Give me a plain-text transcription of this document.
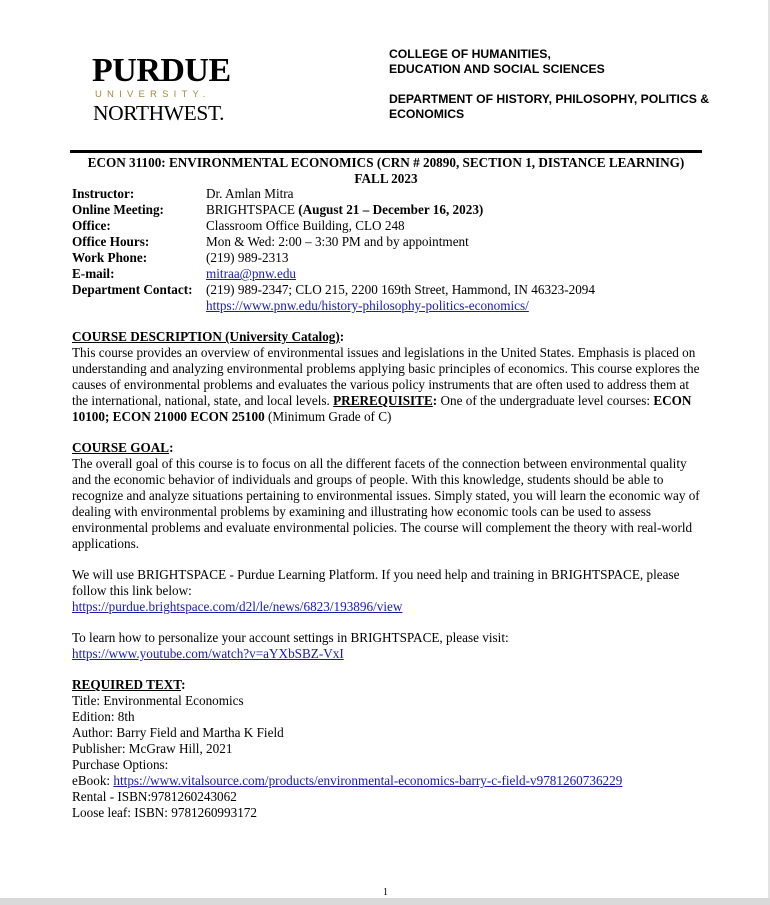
PURDUE
UNIVERSITY.
NORTHWEST.
COLLEGE OF HUMANITIES,
EDUCATION AND SOCIAL SCIENCES
DEPARTMENT OF HISTORY, PHILOSOPHY, POLITICS &
ECONOMICS
ECON 31100: ENVIRONMENTAL ECONOMICS (CRN # 20890, SECTION 1, DISTANCE LEARNING)
FALL 2023
Instructor:	Dr. Amlan Mitra
Online Meeting:	BRIGHTSPACE (August 21 – December 16, 2023)
Office:	Classroom Office Building, CLO 248
Office Hours:	Mon & Wed: 2:00 – 3:30 PM and by appointment
Work Phone:	(219) 989-2313
E-mail:	mitraa@pnw.edu
Department Contact: (219) 989-2347; CLO 215, 2200 169th Street, Hammond, IN 46323-2094
https://www.pnw.edu/history-philosophy-politics-economics/

COURSE DESCRIPTION (University Catalog):

This course provides an overview of environmental issues and legislations in the United States. Emphasis is placed on understanding and analyzing environmental problems applying basic principles of economics. This course explores the causes of environmental problems and evaluates the various policy instruments that are often used to address them at the international, national, state, and local levels. PREREQUISITE: One of the undergraduate level courses: ECON 10100; ECON 21000 ECON 25100 (Minimum Grade of C)

COURSE GOAL:

The overall goal of this course is to focus on all the different facets of the connection between environmental quality and the economic behavior of individuals and groups of people. With this knowledge, students should be able to recognize and analyze situations pertaining to environmental issues. Simply stated, you will learn the economic way of dealing with environmental problems by examining and illustrating how economic tools can be used to assess environmental problems and evaluate environmental policies. The course will complement the theory with real-world applications.

We will use BRIGHTSPACE - Purdue Learning Platform. If you need help and training in BRIGHTSPACE, please follow this link below:

https://purdue.brightspace.com/d2l/le/news/6823/193896/view

To learn how to personalize your account settings in BRIGHTSPACE, please visit:

https://www.youtube.com/watch?v=aYXbSBZ-VxI

REQUIRED TEXT:

Title: Environmental Economics

Edition: 8th

Author: Barry Field and Martha K Field

Publisher: McGraw Hill, 2021

Purchase Options:

eBook: https://www.vitalsource.com/products/environmental-economics-barry-c-field-v9781260736229

Rental - ISBN:9781260243062

Loose leaf: ISBN: 9781260993172

1
